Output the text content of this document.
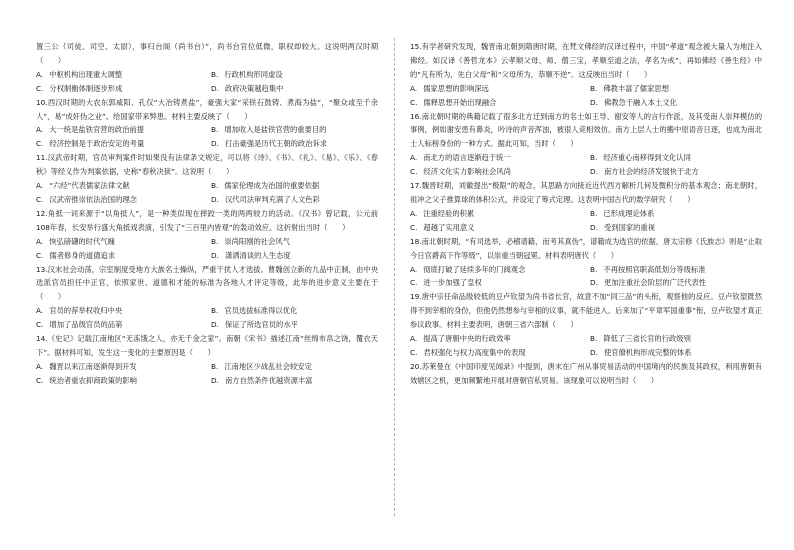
置三公（司徒、司空、太尉），事归台阁（尚书台）”，尚书台官位低微，职权却较大。这说明两汉时期（　　）

A. 中枢机构出现重大调整	B. 行政机构形同虚设
C. 分权制衡体制逐步形成	D. 政府决策越趋集中

10.西汉时期的大农东郭咸阳、孔仅“大冶铸煮盐”，豪强大家“采铁石鼓铸、煮海为盐”，“聚众或至千余人”，易“成奸伪之业”。给国家带来弊患。材料主要反映了（　　）

A. 大一统是盐铁官营的政治前提	B. 增加收入是盐铁官营的重要目的
C. 经济控制是于政治安定的考量	D. 打击豪强是历代王朝的政治诉求

11.汉武帝时期，官员审判案件时如果没有法律条文规定，可以将《诗》、《书》、《礼》、《易》、《乐》、《春秋》等经义作为判案依据，史称“春秋决狱”。这说明（　　）

A. “六经”代表儒家法律文献	B. 儒家伦理成为治国的重要依据
C. 汉武帝推崇依法治国的理念	D. 汉代司法审判充满了人文色彩

12.角抵一词来源于“以角抵人”，是一种类似现在摔跤一类的两两较力的活动。《汉书》曾记载，公元前108年春，长安举行盛大角抵戏表演，引发了“三百里内皆观”的轰动效应。这折射出当时（　　）

A. 恢弘磅礴的时代气魄	B. 崇尚阳刚的社会风气
C. 儒者修身的道德追求	D. 潇洒清谈的人生态度

13.汉末社会动荡，宗室制度受地方大族名士操纵，严重干扰人才选拔。曹魏创立新的九品中正制，由中央选派官员担任中正官，依照家世、道德和才能的标准为各地人才评定等级，此举的进步意义主要在于（　　）

A. 官员的荐举权收归中央	B. 官员选拔标准得以优化
C. 增加了品级官员的品第	D. 保证了所选官员的水平

14.《史记》记载江南地区“无冻饿之人，亦无千金之家”。南朝《宋书》描述江南“丝绵布帛之饶，覆衣天下”。据材料可知，发生这一变化的主要原因是（　　）

A. 魏晋以来江南逐渐得到开发	B. 江南地区少战乱社会较安定
C. 统治者重农抑商政策的影响	D. 南方自然条件优越资源丰富

15.有学者研究发现，魏晋南北朝到隋唐时期，在梵文佛经的汉译过程中，中国“孝道”观念被大量人为地注入佛经。如汉译《善哲龙本》云孝顺父母、师、僧三宝，孝顺至道之法，孝名为戒”，再如佛经《善生经》中的“凡有所为，先白父母”和“父母所为，恭顺不逆”。这反映出当时（　　）

A. 儒家思想的影响深远	B. 佛教丰富了儒家思想
C. 儒释思想开始出现融合	D. 佛教急于融入本土文化

16.南北朝时期的典籍记载了很多北方迁到南方的名士如王导、谢安等人的言行作派，及其受南人崇拜模仿的事例，例如谢安患有鼻炎，吟诗的声音浑浊，被很人竞相效仿。南方上层人士的搬中原语音日逐，也成为南北士人标榜身份的一种方式。据此可知，当时（　　）

A. 南北方的语言逐渐趋于统一	B. 经济重心南移得到文化认同
C. 经济文化实力影响社会风尚	D. 南方社会的经济发展快于北方

17.魏晋时期，刘徽提出“极限”的观念，其思路方向接近近代西方解析几何及微积分的基本观念；南北朝时，祖冲之父子推算球的体积公式，并设定了筹式定理。这表明中国古代的数学研究（　　）

A. 注重经验的积累	B. 已形成理论体系
C. 超越了实用意义	D. 受到国家的重视

18.南北朝时期，“有司选举，必稽谱籍，而考其真伪”，谱籍成为选官的依据，唐太宗修《氏族志》则是“止取今日官爵高下作等级”，以崇重当朝冠冕。材料表明唐代（　　）

A. 彻底打破了延续多年的门阀观念	B. 不再按照官职高低划分等级标准
C. 进一步加强了皇权	D. 更加注重社会阶层的广泛代表性

19.唐中宗任命品级较低的豆卢钦望为尚书省长官，故意不加“同三品”的头衔，观察他的反应。豆卢钦望既然得不到宰相的身份，但他仍然想参与宰相的议事，就不能进入。后来加了“平章军国重事”衔，豆卢钦望才真正参议政事。材料主要表明，唐朝三省六部制（　　）

A. 提高了唐朝中央的行政效率	B. 降低了三省长官的行政级别
C. 君权强化与权力高度集中的表现	D. 使官僚机构形成完整的体系

20.苏莱曼在《中国印度见闻录》中提到，唐末在广州从事贸易活动的中国境内的民族及其政权，利用唐朝有效辖区之机，更加频繁地开展对唐朝官私贸易。该现象可以说明当时（　　）
